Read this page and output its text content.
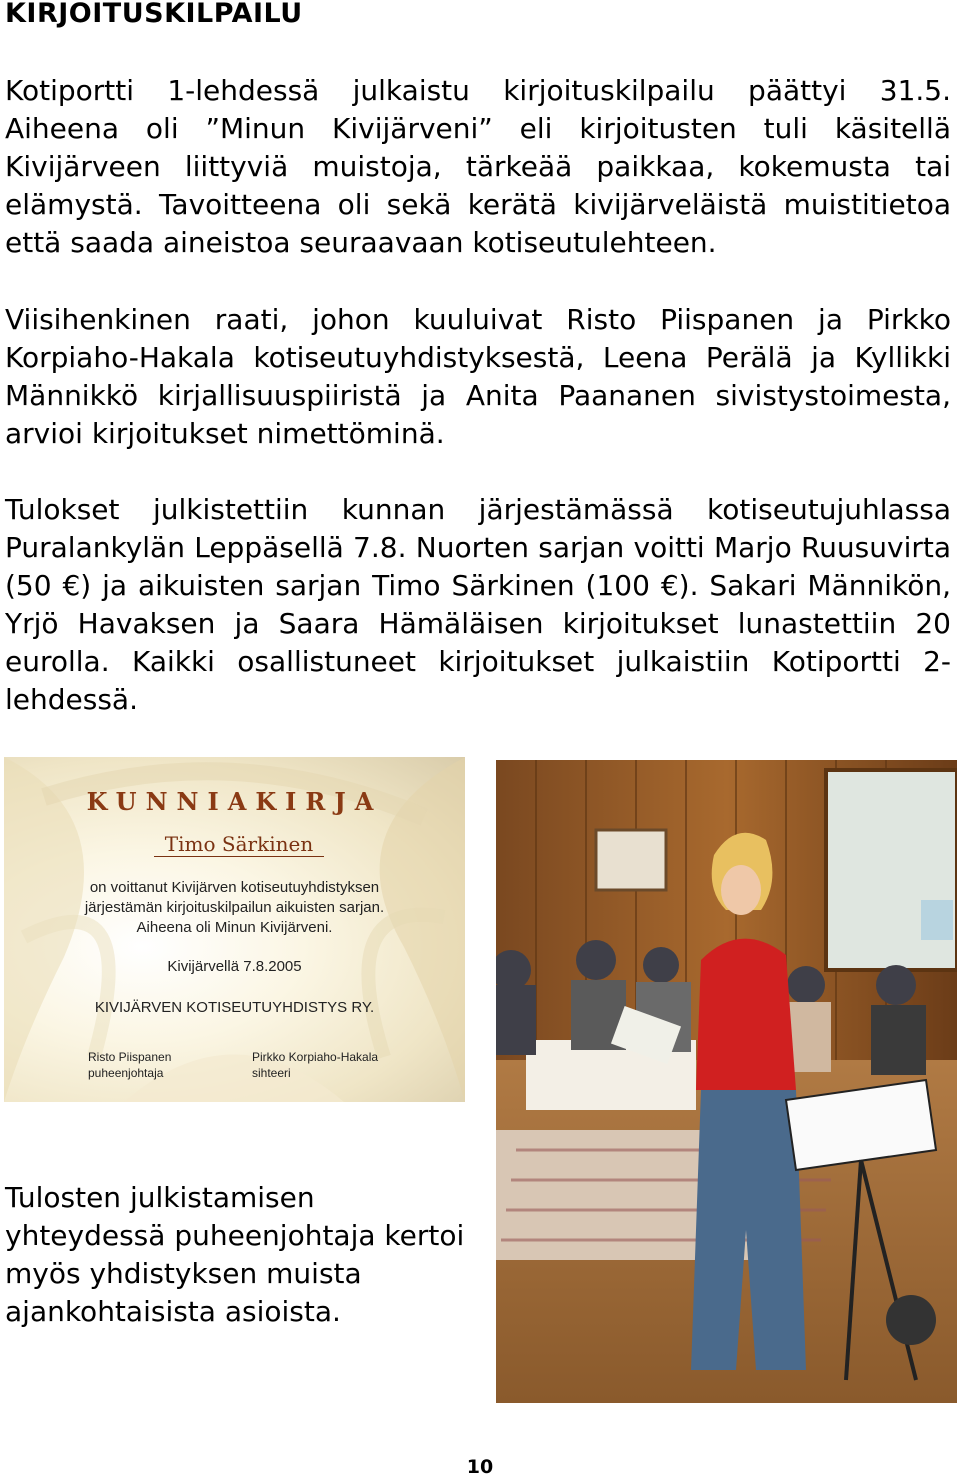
KIRJOITUSKILPAILU

Kotiportti 1-lehdessä julkaistu kirjoituskilpailu päättyi 31.5. Aiheena oli ”Minun Kivijärveni” eli kirjoitusten tuli käsitellä Kivijärveen liittyviä muistoja, tärkeää paikkaa, kokemusta tai elämystä. Tavoitteena oli sekä kerätä kivijärveläistä muistitietoa että saada aineistoa seuraavaan kotiseutulehteen.

Viisihenkinen raati, johon kuuluivat Risto Piispanen ja Pirkko Korpiaho-Hakala kotiseutuyhdistyksestä, Leena Perälä ja Kyllikki Männikkö kirjallisuuspiiristä ja Anita Paananen sivistystoimesta, arvioi kirjoitukset nimettöminä.

Tulokset julkistettiin kunnan järjestämässä kotiseutujuhlassa Puralankylän Leppäsellä 7.8. Nuorten sarjan voitti Marjo Ruusuvirta (50 €) ja aikuisten sarjan Timo Särkinen (100 €). Sakari Männikön, Yrjö Havaksen ja Saara Hämäläisen kirjoitukset lunastettiin 20 eurolla. Kaikki osallistuneet kirjoitukset julkaistiin Kotiportti 2-lehdessä.

KUNNIAKIRJA

Timo Särkinen

on voittanut Kivijärven kotiseutuyhdistyksen
järjestämän kirjoituskilpailun aikuisten sarjan.
Aiheena oli Minun Kivijärveni.

Kivijärvellä 7.8.2005

KIVIJÄRVEN KOTISEUTUYHDISTYS RY.

Risto Piispanen
puheenjohtaja

Pirkko Korpiaho-Hakala
sihteeri

Tulosten julkistamisen yhteydessä puheenjohtaja kertoi myös yhdistyksen muista ajankohtaisista asioista.

10
